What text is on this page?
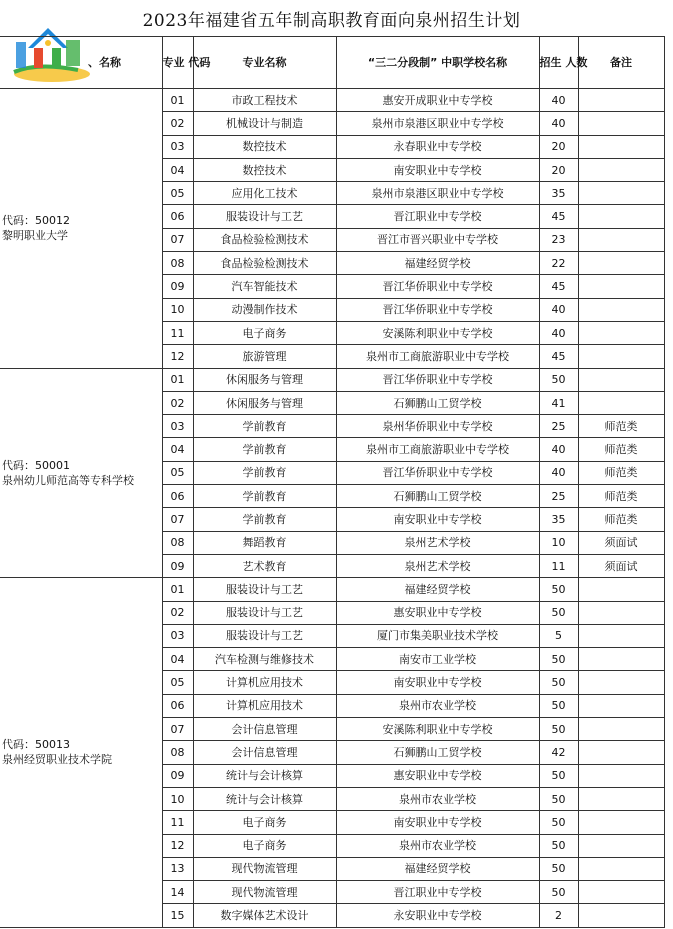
2023年福建省五年制高职教育面向泉州招生计划
、名称	专业 代码	专业名称	“三二分段制” 中职学校名称	招生 人数	备注

代码：50012
黎明职业大学	01	市政工程技术	惠安开成职业中专学校	40	
	02	机械设计与制造	泉州市泉港区职业中专学校	40	
	03	数控技术	永春职业中专学校	20	
	04	数控技术	南安职业中专学校	20	
	05	应用化工技术	泉州市泉港区职业中专学校	35	
	06	服装设计与工艺	晋江职业中专学校	45	
	07	食品检验检测技术	晋江市晋兴职业中专学校	23	
	08	食品检验检测技术	福建经贸学校	22	
	09	汽车智能技术	晋江华侨职业中专学校	45	
	10	动漫制作技术	晋江华侨职业中专学校	40	
	11	电子商务	安溪陈利职业中专学校	40	
	12	旅游管理	泉州市工商旅游职业中专学校	45	

代码：50001
泉州幼儿师范高等专科学校	01	休闲服务与管理	晋江华侨职业中专学校	50	
	02	休闲服务与管理	石狮鹏山工贸学校	41	
	03	学前教育	泉州华侨职业中专学校	25	师范类
	04	学前教育	泉州市工商旅游职业中专学校	40	师范类
	05	学前教育	晋江华侨职业中专学校	40	师范类
	06	学前教育	石狮鹏山工贸学校	25	师范类
	07	学前教育	南安职业中专学校	35	师范类
	08	舞蹈教育	泉州艺术学校	10	须面试
	09	艺术教育	泉州艺术学校	11	须面试

代码：50013
泉州经贸职业技术学院	01	服装设计与工艺	福建经贸学校	50	
	02	服装设计与工艺	惠安职业中专学校	50	
	03	服装设计与工艺	厦门市集美职业技术学校	5	
	04	汽车检测与维修技术	南安市工业学校	50	
	05	计算机应用技术	南安职业中专学校	50	
	06	计算机应用技术	泉州市农业学校	50	
	07	会计信息管理	安溪陈利职业中专学校	50	
	08	会计信息管理	石狮鹏山工贸学校	42	
	09	统计与会计核算	惠安职业中专学校	50	
	10	统计与会计核算	泉州市农业学校	50	
	11	电子商务	南安职业中专学校	50	
	12	电子商务	泉州市农业学校	50	
	13	现代物流管理	福建经贸学校	50	
	14	现代物流管理	晋江职业中专学校	50	
	15	数字媒体艺术设计	永安职业中专学校	2	
